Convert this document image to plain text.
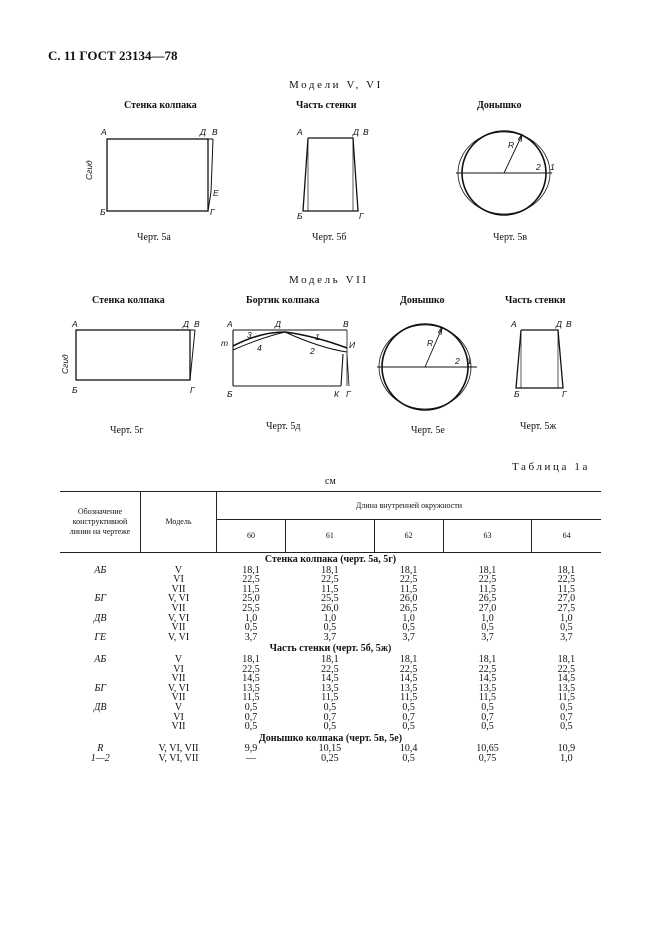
С. 11 ГОСТ 23134—78
Модели V, VI
Стенка колпака	Часть стенки	Донышко
А	Д В
Е
Б	Г
Сгид
А	Д В
Б	Г
R
2 1
Черт. 5а	Черт. 5б	Черт. 5в
Модель VII
Стенка колпака	Бортик колпака	Донышко	Часть стенки
А	Д В
Б	Г
Сгид
А	Д	В
т
3
4
1
2
И
Б	К Г
R
2 1
А	Д В
Б	Г
Черт. 5г	Черт. 5д	Черт. 5е	Черт. 5ж
Таблица 1а
см
Обозначение конструктивной линии на чертеже	Модель	Длина внутренней окружности				
		60	61	62	63	64
Стенка колпака (черт. 5а, 5г)						
АБ	V	18,1	18,1	18,1	18,1	18,1
	VI	22,5	22,5	22,5	22,5	22,5
	VII	11,5	11,5	11,5	11,5	11,5
БГ	V, VI	25,0	25,5	26,0	26,5	27,0
	VII	25,5	26,0	26,5	27,0	27,5
ДВ	V, VI	1,0	1,0	1,0	1,0	1,0
	VII	0,5	0,5	0,5	0,5	0,5
ГЕ	V, VI	3,7	3,7	3,7	3,7	3,7
Часть стенки (черт. 5б, 5ж)						
АБ	V	18,1	18,1	18,1	18,1	18,1
	VI	22,5	22,5	22,5	22,5	22,5
	VII	14,5	14,5	14,5	14,5	14,5
БГ	V, VI	13,5	13,5	13,5	13,5	13,5
	VII	11,5	11,5	11,5	11,5	11,5
ДВ	V	0,5	0,5	0,5	0,5	0,5
	VI	0,7	0,7	0,7	0,7	0,7
	VII	0,5	0,5	0,5	0,5	0,5
Донышко колпака (черт. 5в, 5е)						
R	V, VI, VII	9,9	10,15	10,4	10,65	10,9
1—2	V, VI, VII	—	0,25	0,5	0,75	1,0
